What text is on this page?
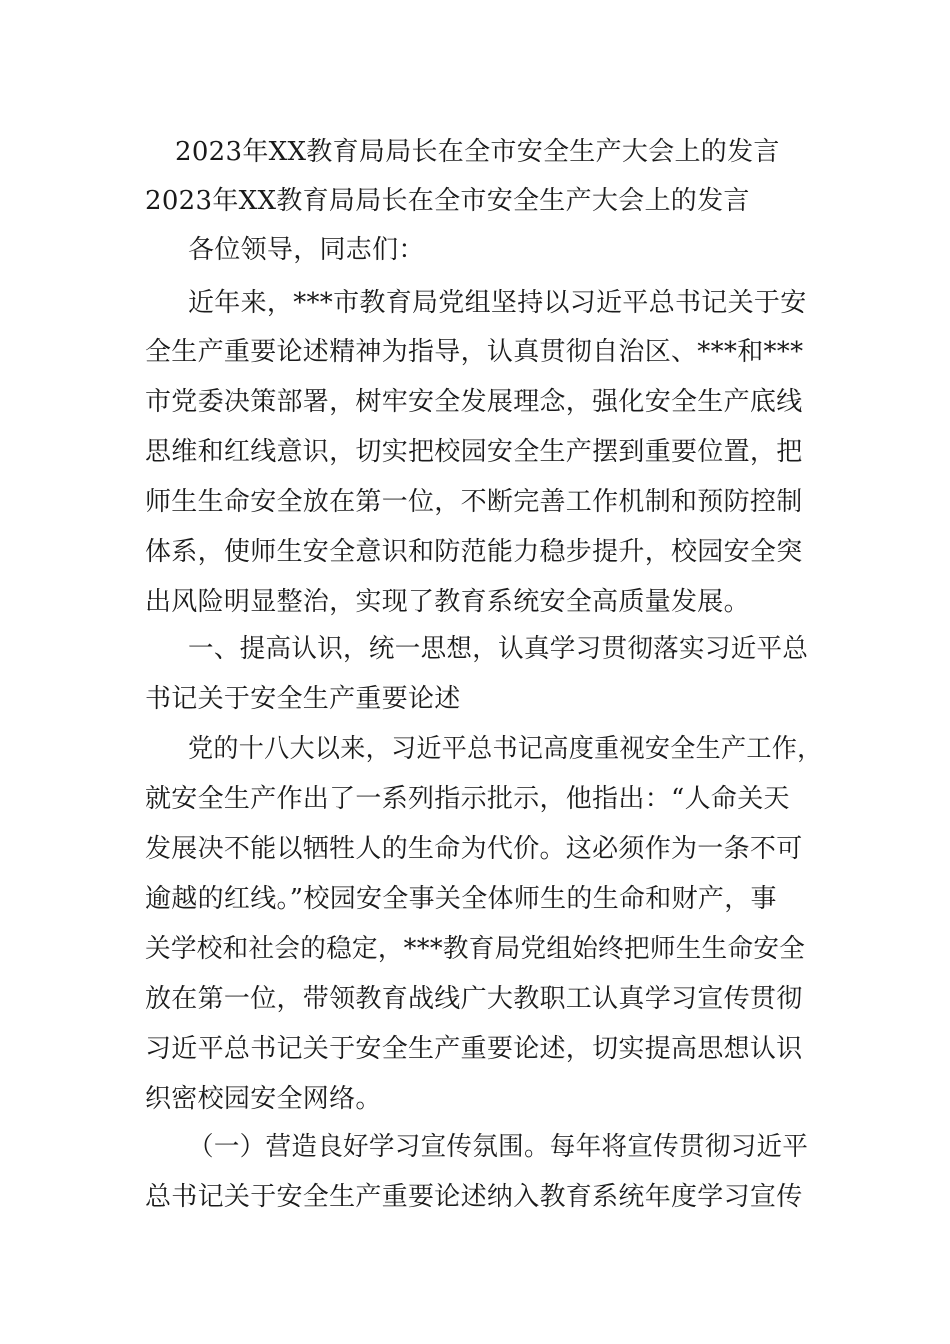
2023年XX教育局局长在全市安全生产大会上的发言
2023年XX教育局局长在全市安全生产大会上的发言
各位领导，同志们：
近年来，***市教育局党组坚持以习近平总书记关于安
全生产重要论述精神为指导，认真贯彻自治区、***和***
市党委决策部署，树牢安全发展理念，强化安全生产底线
思维和红线意识，切实把校园安全生产摆到重要位置，把
师生生命安全放在第一位，不断完善工作机制和预防控制
体系，使师生安全意识和防范能力稳步提升，校园安全突
出风险明显整治，实现了教育系统安全高质量发展。
一、提高认识，统一思想，认真学习贯彻落实习近平总
书记关于安全生产重要论述
党的十八大以来，习近平总书记高度重视安全生产工作，
就安全生产作出了一系列指示批示，他指出：“人命关天
发展决不能以牺牲人的生命为代价。这必须作为一条不可
逾越的红线。”校园安全事关全体师生的生命和财产，事
关学校和社会的稳定，***教育局党组始终把师生生命安全
放在第一位，带领教育战线广大教职工认真学习宣传贯彻
习近平总书记关于安全生产重要论述，切实提高思想认识
织密校园安全网络。
（一）营造良好学习宣传氛围。每年将宣传贯彻习近平
总书记关于安全生产重要论述纳入教育系统年度学习宣传
